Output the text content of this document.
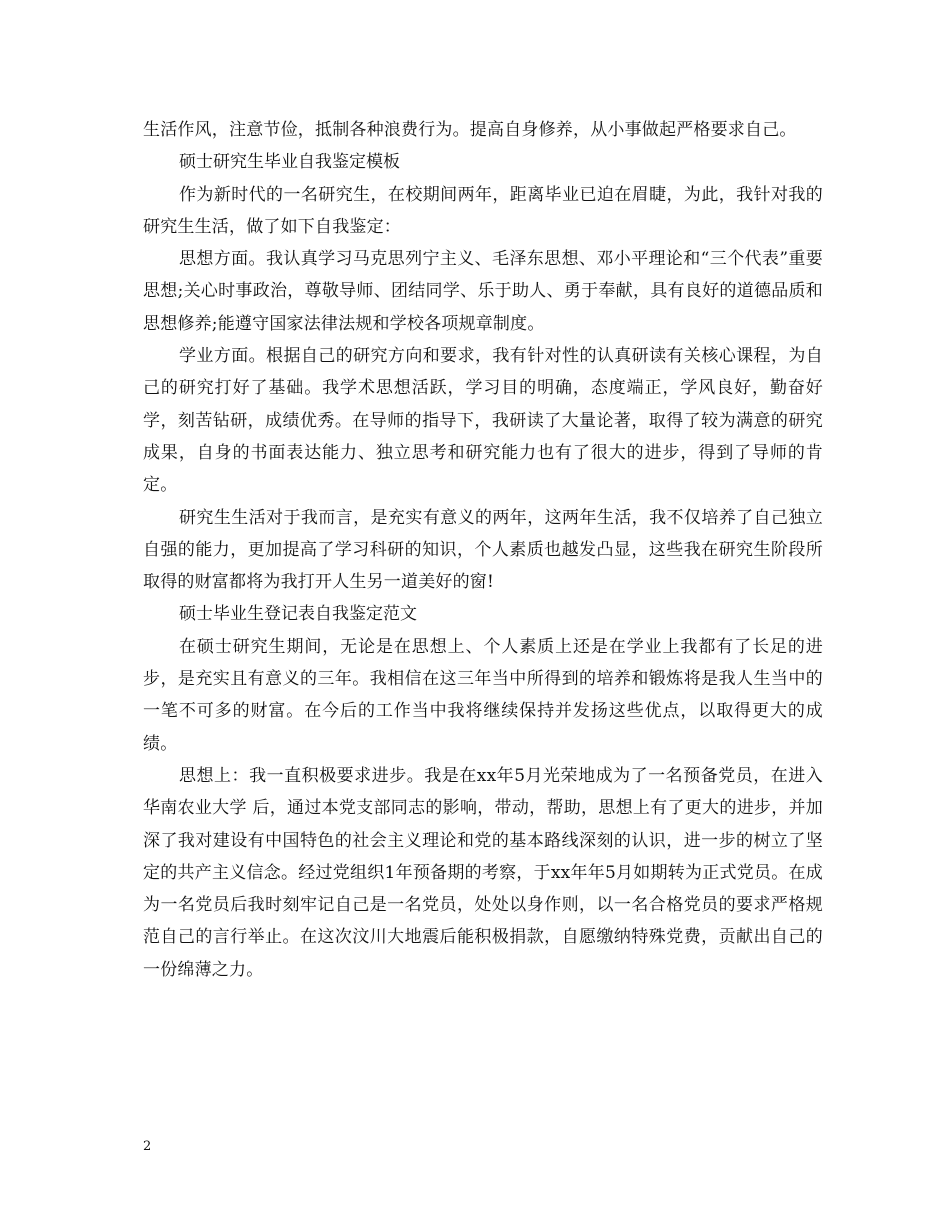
生活作风，注意节俭，抵制各种浪费行为。提高自身修养，从小事做起严格要求自己。

硕士研究生毕业自我鉴定模板

作为新时代的一名研究生，在校期间两年，距离毕业已迫在眉睫，为此，我针对我的研究生生活，做了如下自我鉴定：

思想方面。我认真学习马克思列宁主义、毛泽东思想、邓小平理论和“三个代表”重要思想;关心时事政治，尊敬导师、团结同学、乐于助人、勇于奉献，具有良好的道德品质和思想修养;能遵守国家法律法规和学校各项规章制度。

学业方面。根据自己的研究方向和要求，我有针对性的认真研读有关核心课程，为自己的研究打好了基础。我学术思想活跃，学习目的明确，态度端正，学风良好，勤奋好学，刻苦钻研，成绩优秀。在导师的指导下，我研读了大量论著，取得了较为满意的研究成果，自身的书面表达能力、独立思考和研究能力也有了很大的进步，得到了导师的肯定。

研究生生活对于我而言，是充实有意义的两年，这两年生活，我不仅培养了自己独立自强的能力，更加提高了学习科研的知识，个人素质也越发凸显，这些我在研究生阶段所取得的财富都将为我打开人生另一道美好的窗!

硕士毕业生登记表自我鉴定范文

在硕士研究生期间，无论是在思想上、个人素质上还是在学业上我都有了长足的进步，是充实且有意义的三年。我相信在这三年当中所得到的培养和锻炼将是我人生当中的一笔不可多的财富。在今后的工作当中我将继续保持并发扬这些优点，以取得更大的成绩。

思想上：我一直积极要求进步。我是在xx年5月光荣地成为了一名预备党员，在进入华南农业大学 后，通过本党支部同志的影响，带动，帮助，思想上有了更大的进步，并加深了我对建设有中国特色的社会主义理论和党的基本路线深刻的认识，进一步的树立了坚定的共产主义信念。经过党组织1年预备期的考察，于xx年年5月如期转为正式党员。在成为一名党员后我时刻牢记自己是一名党员，处处以身作则，以一名合格党员的要求严格规范自己的言行举止。在这次汶川大地震后能积极捐款，自愿缴纳特殊党费，贡献出自己的一份绵薄之力。

2
